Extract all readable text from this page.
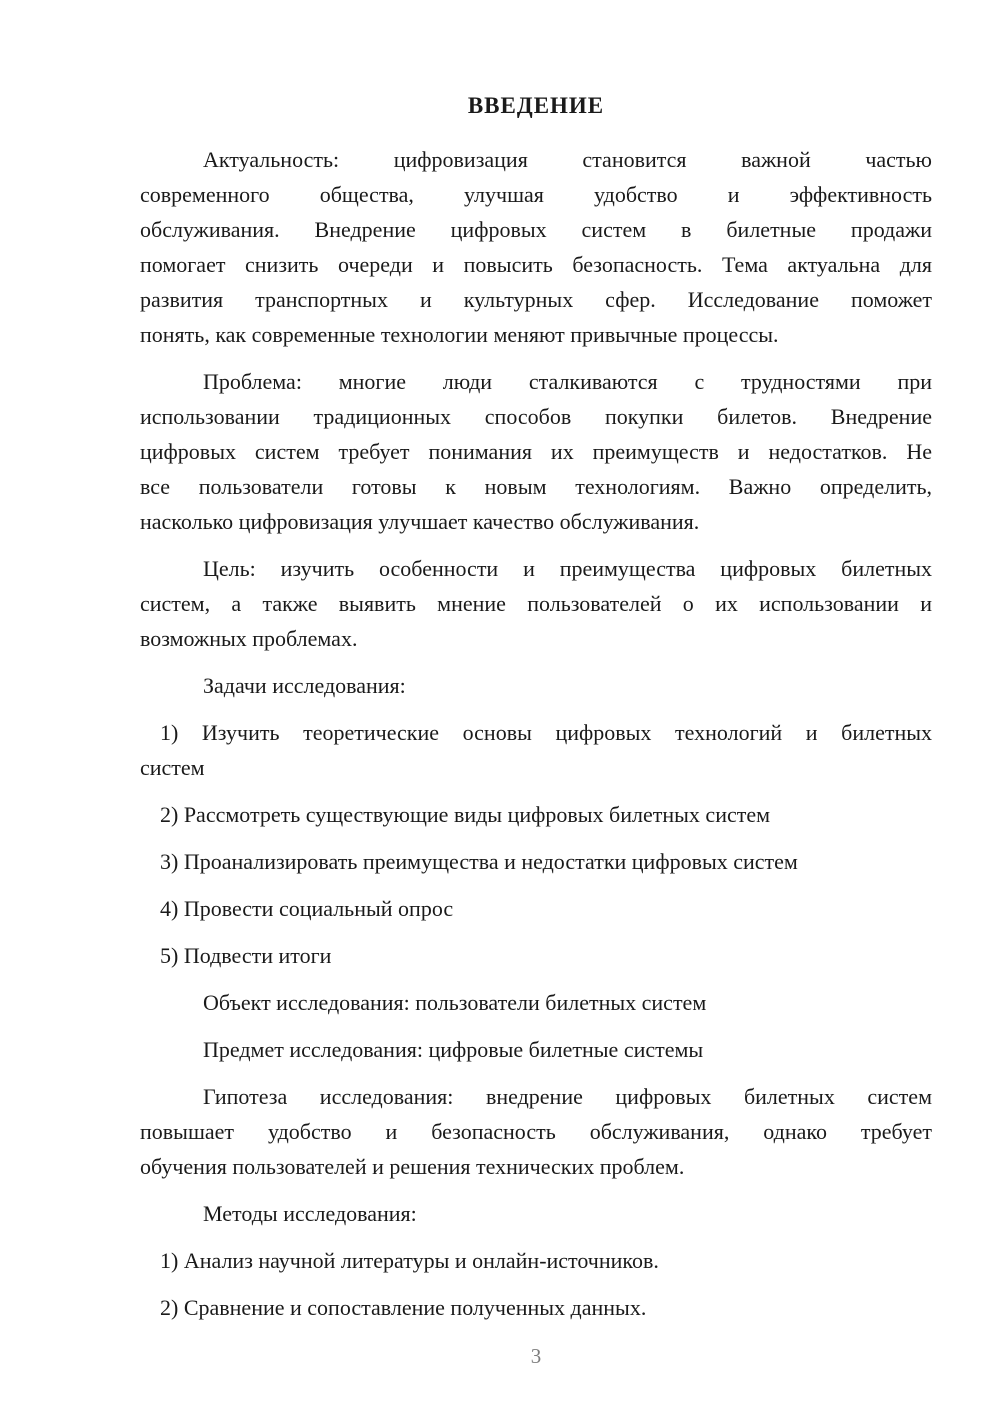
ВВЕДЕНИЕ
Актуальность: цифровизация становится важной частью
современного общества, улучшая удобство и эффективность
обслуживания. Внедрение цифровых систем в билетные продажи
помогает снизить очереди и повысить безопасность. Тема актуальна для
развития транспортных и культурных сфер. Исследование поможет
понять, как современные технологии меняют привычные процессы.
Проблема: многие люди сталкиваются с трудностями при
использовании традиционных способов покупки билетов. Внедрение
цифровых систем требует понимания их преимуществ и недостатков. Не
все пользователи готовы к новым технологиям. Важно определить,
насколько цифровизация улучшает качество обслуживания.
Цель: изучить особенности и преимущества цифровых билетных
систем, а также выявить мнение пользователей о их использовании и
возможных проблемах.
Задачи исследования:
1) Изучить теоретические основы цифровых технологий и билетных
систем
2) Рассмотреть существующие виды цифровых билетных систем
3) Проанализировать преимущества и недостатки цифровых систем
4) Провести социальный опрос
5) Подвести итоги
Объект исследования: пользователи билетных систем
Предмет исследования: цифровые билетные системы
Гипотеза исследования: внедрение цифровых билетных систем
повышает удобство и безопасность обслуживания, однако требует
обучения пользователей и решения технических проблем.
Методы исследования:
1) Анализ научной литературы и онлайн-источников.
2) Сравнение и сопоставление полученных данных.
3
